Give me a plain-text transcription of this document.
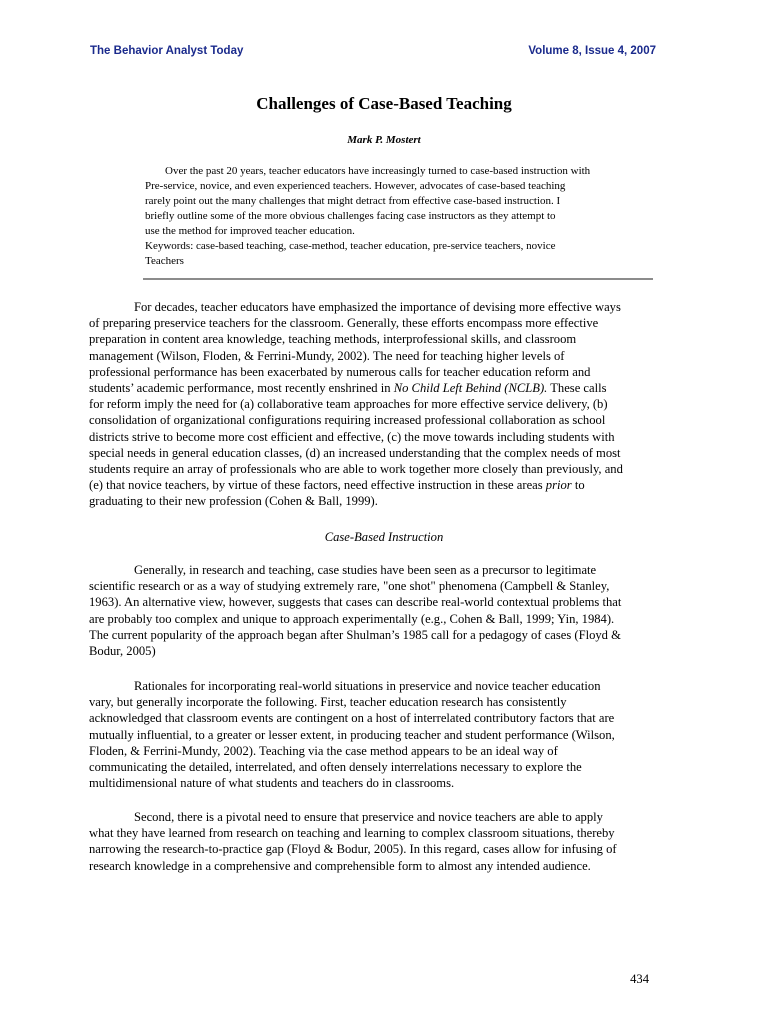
The Behavior Analyst Today	Volume 8, Issue 4, 2007
Challenges of Case-Based Teaching
Mark P. Mostert
Over the past 20 years, teacher educators have increasingly turned to case-based instruction with
Pre-service, novice, and even experienced teachers. However, advocates of case-based teaching
rarely point out the many challenges that might detract from effective case-based instruction. I
briefly outline some of the more obvious challenges facing case instructors as they attempt to
use the method for improved teacher education.
Keywords: case-based teaching, case-method, teacher education, pre-service teachers, novice
Teachers
For decades, teacher educators have emphasized the importance of devising more effective ways
of preparing preservice teachers for the classroom. Generally, these efforts encompass more effective
preparation in content area knowledge, teaching methods, interprofessional skills, and classroom
management (Wilson, Floden, & Ferrini-Mundy, 2002). The need for teaching higher levels of
professional performance has been exacerbated by numerous calls for teacher education reform and
students’ academic performance, most recently enshrined in No Child Left Behind (NCLB). These calls
for reform imply the need for (a) collaborative team approaches for more effective service delivery, (b)
consolidation of organizational configurations requiring increased professional collaboration as school
districts strive to become more cost efficient and effective, (c) the move towards including students with
special needs in general education classes, (d) an increased understanding that the complex needs of most
students require an array of professionals who are able to work together more closely than previously, and
(e) that novice teachers, by virtue of these factors, need effective instruction in these areas prior to
graduating to their new profession (Cohen & Ball, 1999).
Case-Based Instruction
Generally, in research and teaching, case studies have been seen as a precursor to legitimate
scientific research or as a way of studying extremely rare, "one shot" phenomena (Campbell & Stanley,
1963). An alternative view, however, suggests that cases can describe real-world contextual problems that
are probably too complex and unique to approach experimentally (e.g., Cohen & Ball, 1999; Yin, 1984).
The current popularity of the approach began after Shulman’s 1985 call for a pedagogy of cases (Floyd &
Bodur, 2005)
Rationales for incorporating real-world situations in preservice and novice teacher education
vary, but generally incorporate the following. First, teacher education research has consistently
acknowledged that classroom events are contingent on a host of interrelated contributory factors that are
mutually influential, to a greater or lesser extent, in producing teacher and student performance (Wilson,
Floden, & Ferrini-Mundy, 2002). Teaching via the case method appears to be an ideal way of
communicating the detailed, interrelated, and often densely interrelations necessary to explore the
multidimensional nature of what students and teachers do in classrooms.
Second, there is a pivotal need to ensure that preservice and novice teachers are able to apply
what they have learned from research on teaching and learning to complex classroom situations, thereby
narrowing the research-to-practice gap (Floyd & Bodur, 2005). In this regard, cases allow for infusing of
research knowledge in a comprehensive and comprehensible form to almost any intended audience.
434
